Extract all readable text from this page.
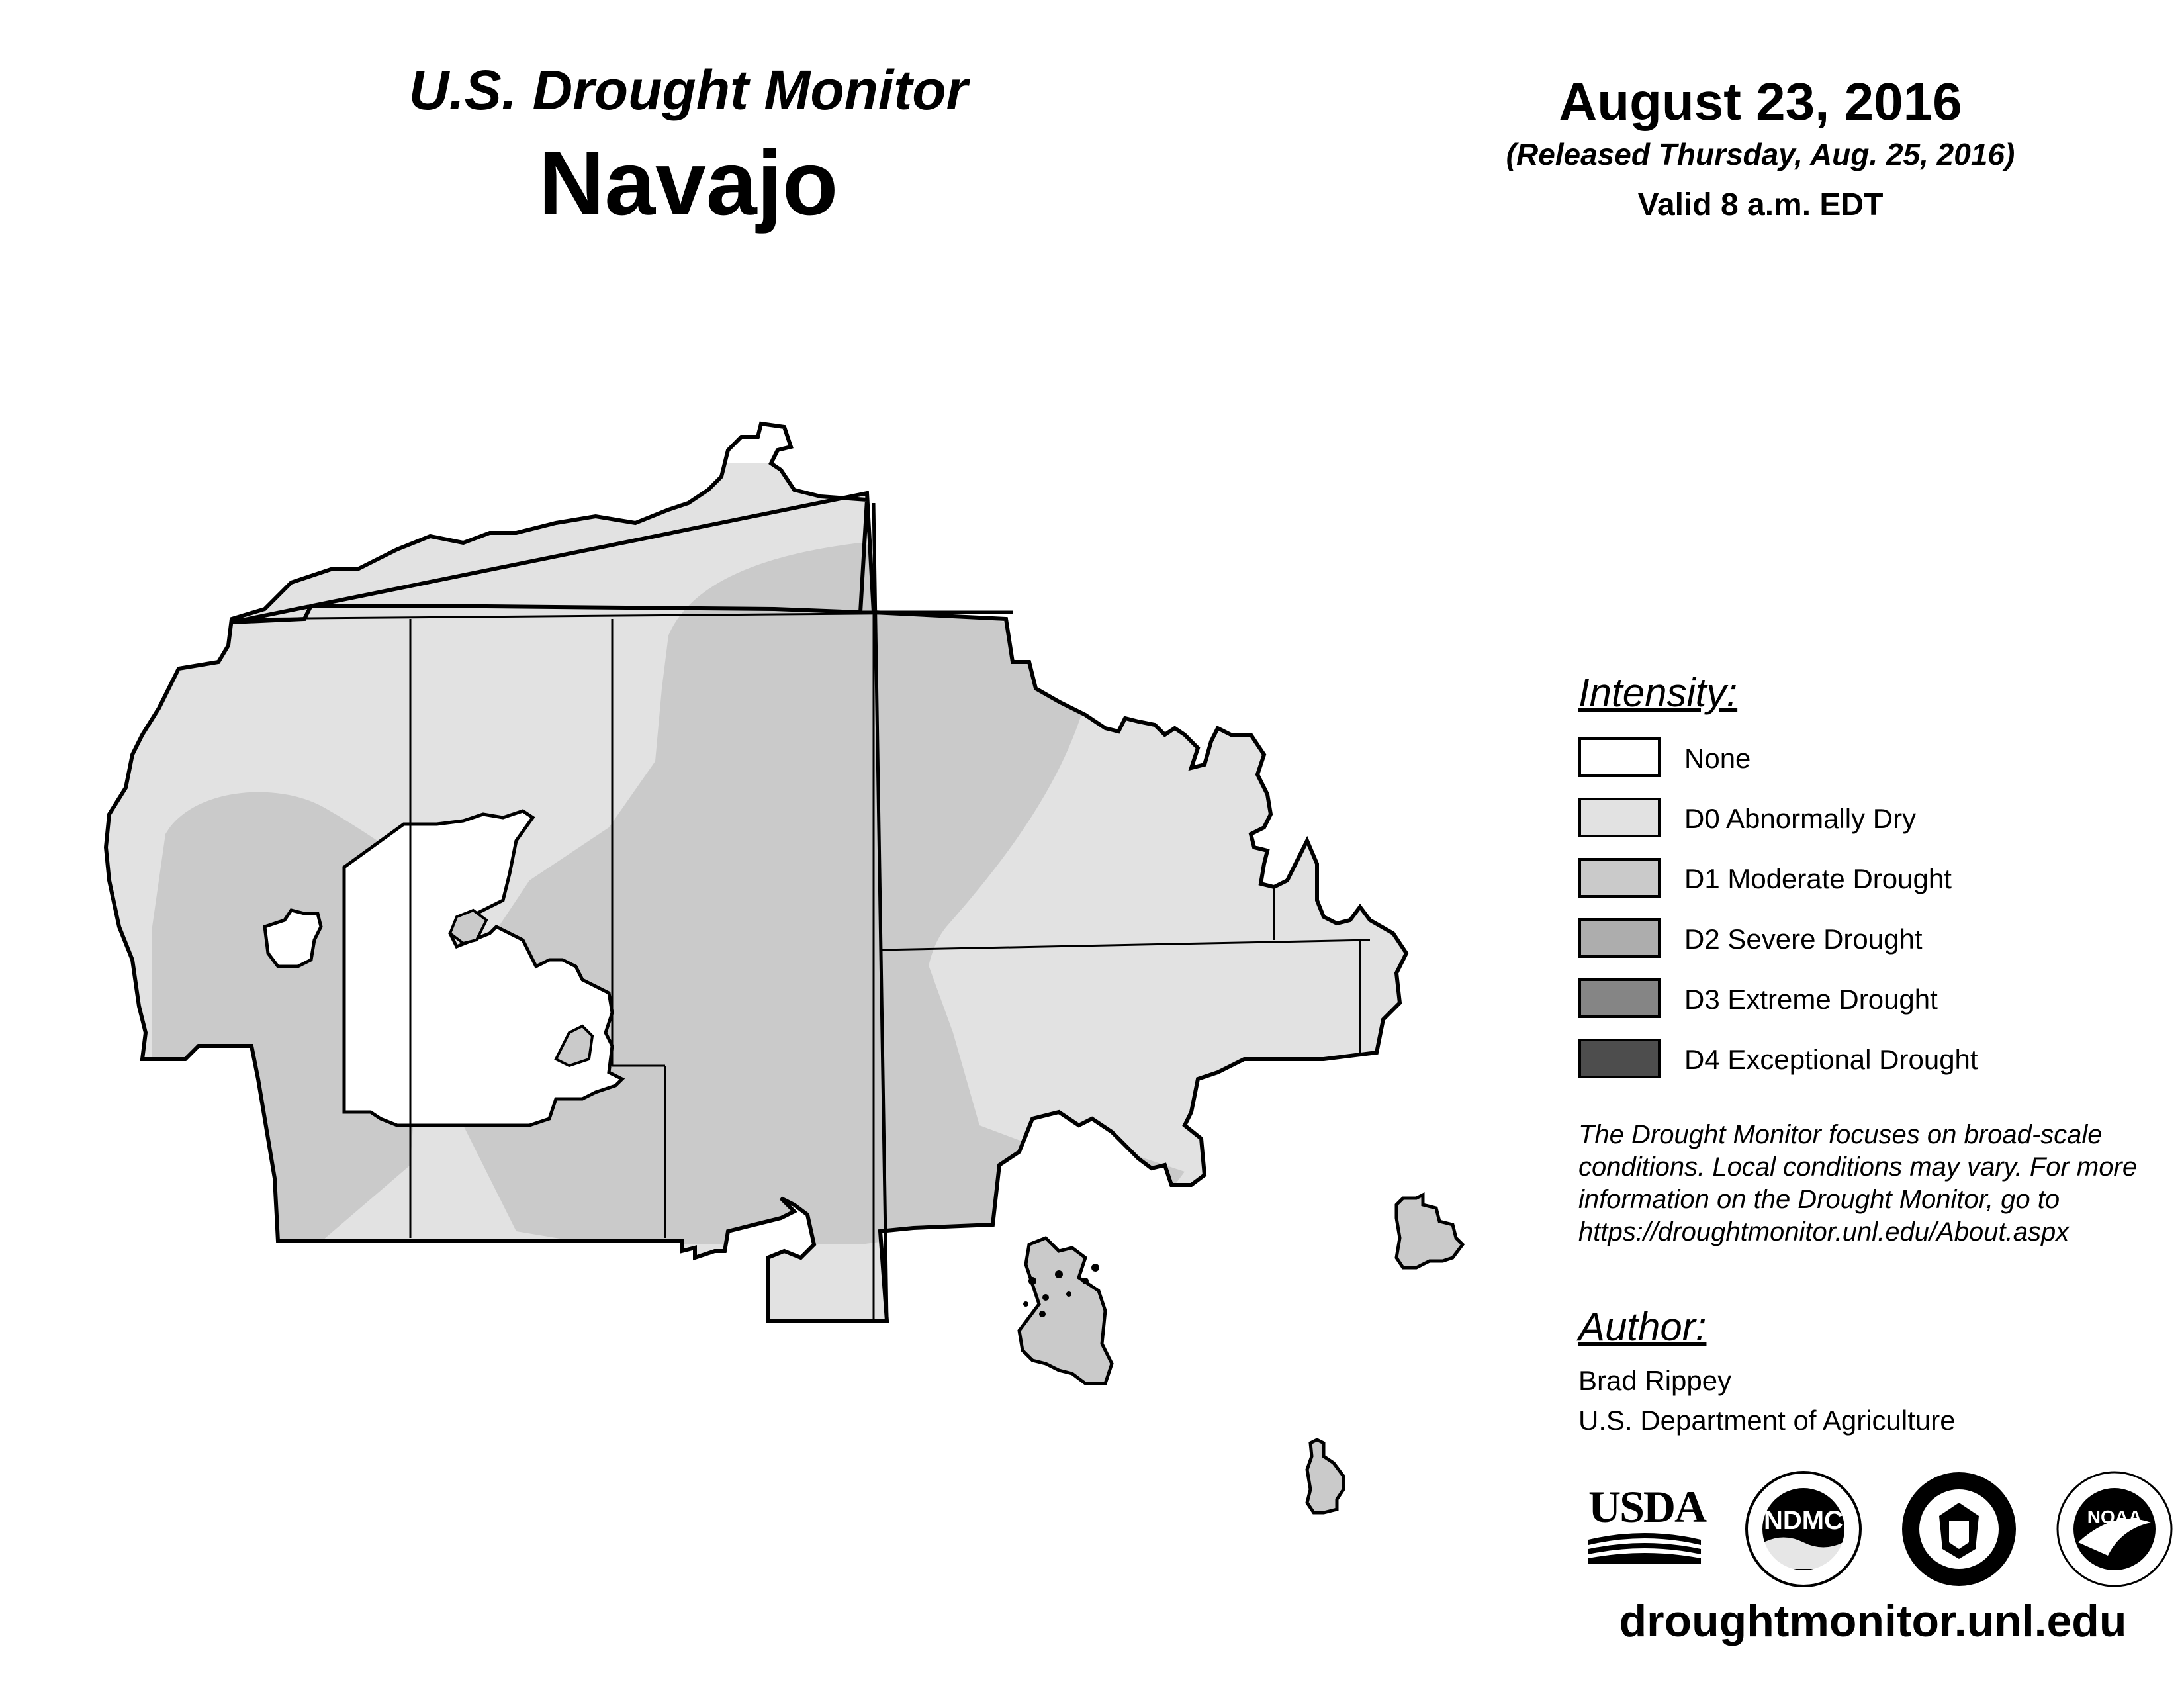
U.S. Drought Monitor
Navajo
August 23, 2016
(Released Thursday, Aug. 25, 2016)
Valid 8 a.m. EDT
Intensity:
None
D0 Abnormally Dry
D1 Moderate Drought
D2 Severe Drought
D3 Extreme Drought
D4 Exceptional Drought
The Drought Monitor focuses on broad-scale conditions. Local conditions may vary. For more information on the Drought Monitor, go to https://droughtmonitor.unl.edu/About.aspx
Author:
Brad Rippey
U.S. Department of Agriculture
USDA	NDMC	NOAA
droughtmonitor.unl.edu
